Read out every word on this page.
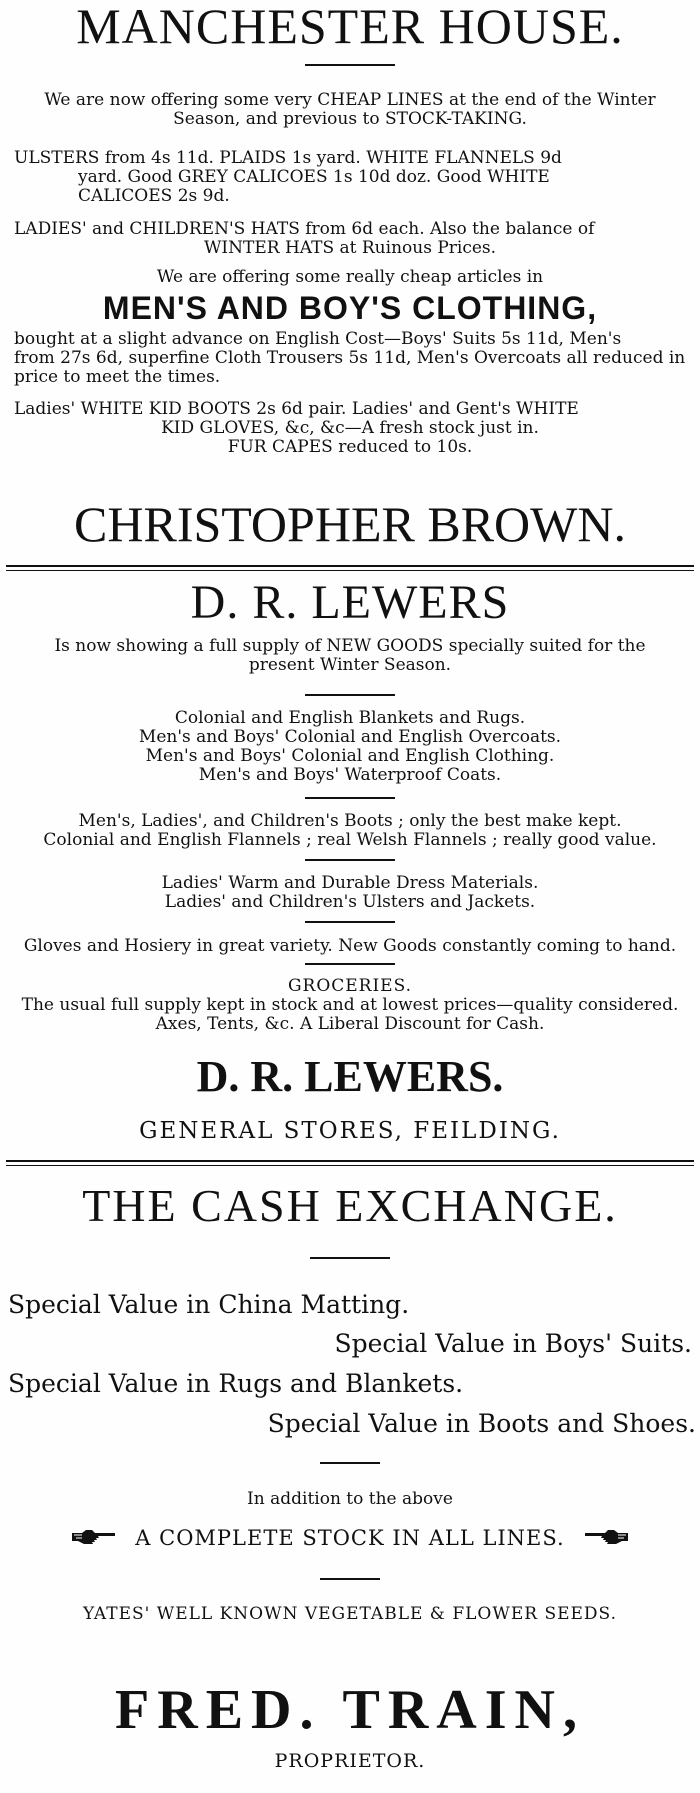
MANCHESTER HOUSE.

We are now offering some very CHEAP LINES at the end of the Winter

Season, and previous to STOCK-TAKING.

ULSTERS from 4s 11d. PLAIDS 1s yard. WHITE FLANNELS 9d

yard. Good GREY CALICOES 1s 10d doz. Good WHITE

CALICOES 2s 9d.

LADIES' and CHILDREN'S HATS from 6d each. Also the balance of

WINTER HATS at Ruinous Prices.

We are offering some really cheap articles in

MEN'S AND BOY'S CLOTHING,

bought at a slight advance on English Cost—Boys' Suits 5s 11d, Men's

from 27s 6d, superfine Cloth Trousers 5s 11d, Men's Overcoats all reduced in

price to meet the times.

Ladies' WHITE KID BOOTS 2s 6d pair. Ladies' and Gent's WHITE

KID GLOVES, &c, &c—A fresh stock just in.

FUR CAPES reduced to 10s.

CHRISTOPHER BROWN.

D. R. LEWERS

Is now showing a full supply of NEW GOODS specially suited for the

present Winter Season.

Colonial and English Blankets and Rugs.

Men's and Boys' Colonial and English Overcoats.

Men's and Boys' Colonial and English Clothing.

Men's and Boys' Waterproof Coats.

Men's, Ladies', and Children's Boots ; only the best make kept.

Colonial and English Flannels ; real Welsh Flannels ; really good value.

Ladies' Warm and Durable Dress Materials.

Ladies' and Children's Ulsters and Jackets.

Gloves and Hosiery in great variety. New Goods constantly coming to hand.

GROCERIES.

The usual full supply kept in stock and at lowest prices—quality considered.

Axes, Tents, &c. A Liberal Discount for Cash.

D. R. LEWERS.

GENERAL STORES, FEILDING.

THE CASH EXCHANGE.

Special Value in China Matting.

Special Value in Boys' Suits.

Special Value in Rugs and Blankets.

Special Value in Boots and Shoes.

In addition to the above

A COMPLETE STOCK IN ALL LINES.

YATES' WELL KNOWN VEGETABLE & FLOWER SEEDS.

FRED. TRAIN,

PROPRIETOR.
